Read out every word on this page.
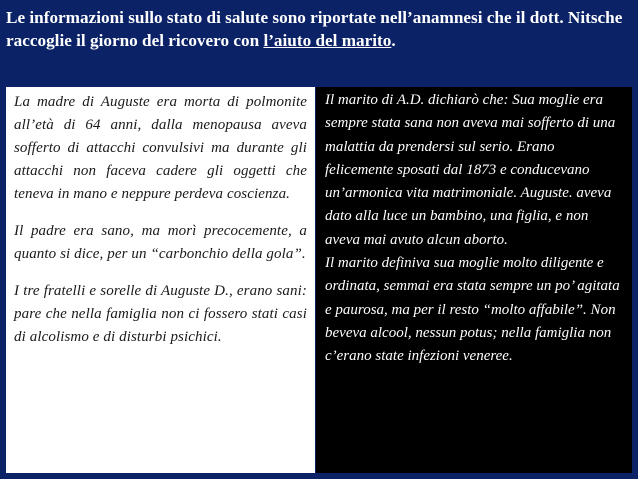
Le informazioni sullo stato di salute sono riportate nell’anamnesi che il dott. Nitsche raccoglie il giorno del ricovero con l’aiuto del marito.

La madre di Auguste era morta di polmonite all’età di 64 anni, dalla menopausa aveva sofferto di attacchi convulsivi ma durante gli attacchi non faceva cadere gli oggetti che teneva in mano e neppure perdeva coscienza.

Il padre era sano, ma morì precocemente, a quanto si dice, per un “carbonchio della gola”.

I tre fratelli e sorelle di Auguste D., erano sani: pare che nella famiglia non ci fossero stati casi di alcolismo e di disturbi psichici.

Il marito di A.D. dichiarò che: Sua moglie era sempre stata sana non aveva mai sofferto di una malattia da prendersi sul serio. Erano felicemente sposati dal 1873 e conducevano un’armonica vita matrimoniale. Auguste. aveva dato alla luce un bambino, una figlia, e non aveva mai avuto alcun aborto.

Il marito definiva sua moglie molto diligente e ordinata, semmai era stata sempre un po’ agitata e paurosa, ma per il resto “molto affabile”. Non beveva alcool, nessun potus; nella famiglia non c’erano state infezioni veneree.
